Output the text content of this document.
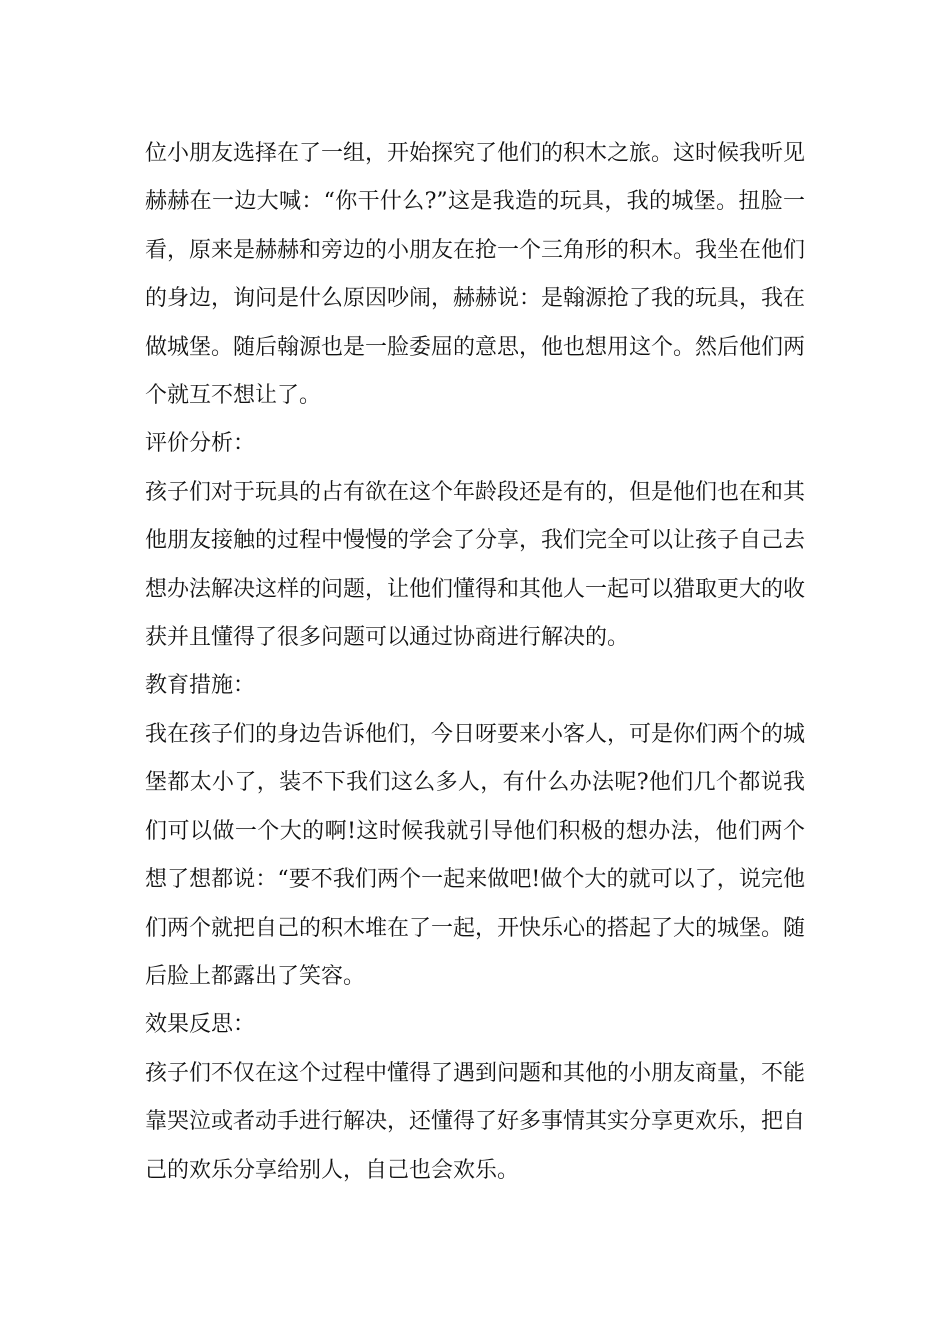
位小朋友选择在了一组，开始探究了他们的积木之旅。这时候我听见赫赫在一边大喊：“你干什么?”这是我造的玩具，我的城堡。扭脸一看，原来是赫赫和旁边的小朋友在抢一个三角形的积木。我坐在他们的身边，询问是什么原因吵闹，赫赫说：是翰源抢了我的玩具，我在做城堡。随后翰源也是一脸委屈的意思，他也想用这个。然后他们两个就互不想让了。

评价分析：

孩子们对于玩具的占有欲在这个年龄段还是有的，但是他们也在和其他朋友接触的过程中慢慢的学会了分享，我们完全可以让孩子自己去想办法解决这样的问题，让他们懂得和其他人一起可以猎取更大的收获并且懂得了很多问题可以通过协商进行解决的。

教育措施：

我在孩子们的身边告诉他们，今日呀要来小客人，可是你们两个的城堡都太小了，装不下我们这么多人，有什么办法呢?他们几个都说我们可以做一个大的啊!这时候我就引导他们积极的想办法，他们两个想了想都说：“要不我们两个一起来做吧!做个大的就可以了，说完他们两个就把自己的积木堆在了一起，开快乐心的搭起了大的城堡。随后脸上都露出了笑容。

效果反思：

孩子们不仅在这个过程中懂得了遇到问题和其他的小朋友商量，不能靠哭泣或者动手进行解决，还懂得了好多事情其实分享更欢乐，把自己的欢乐分享给别人，自己也会欢乐。
